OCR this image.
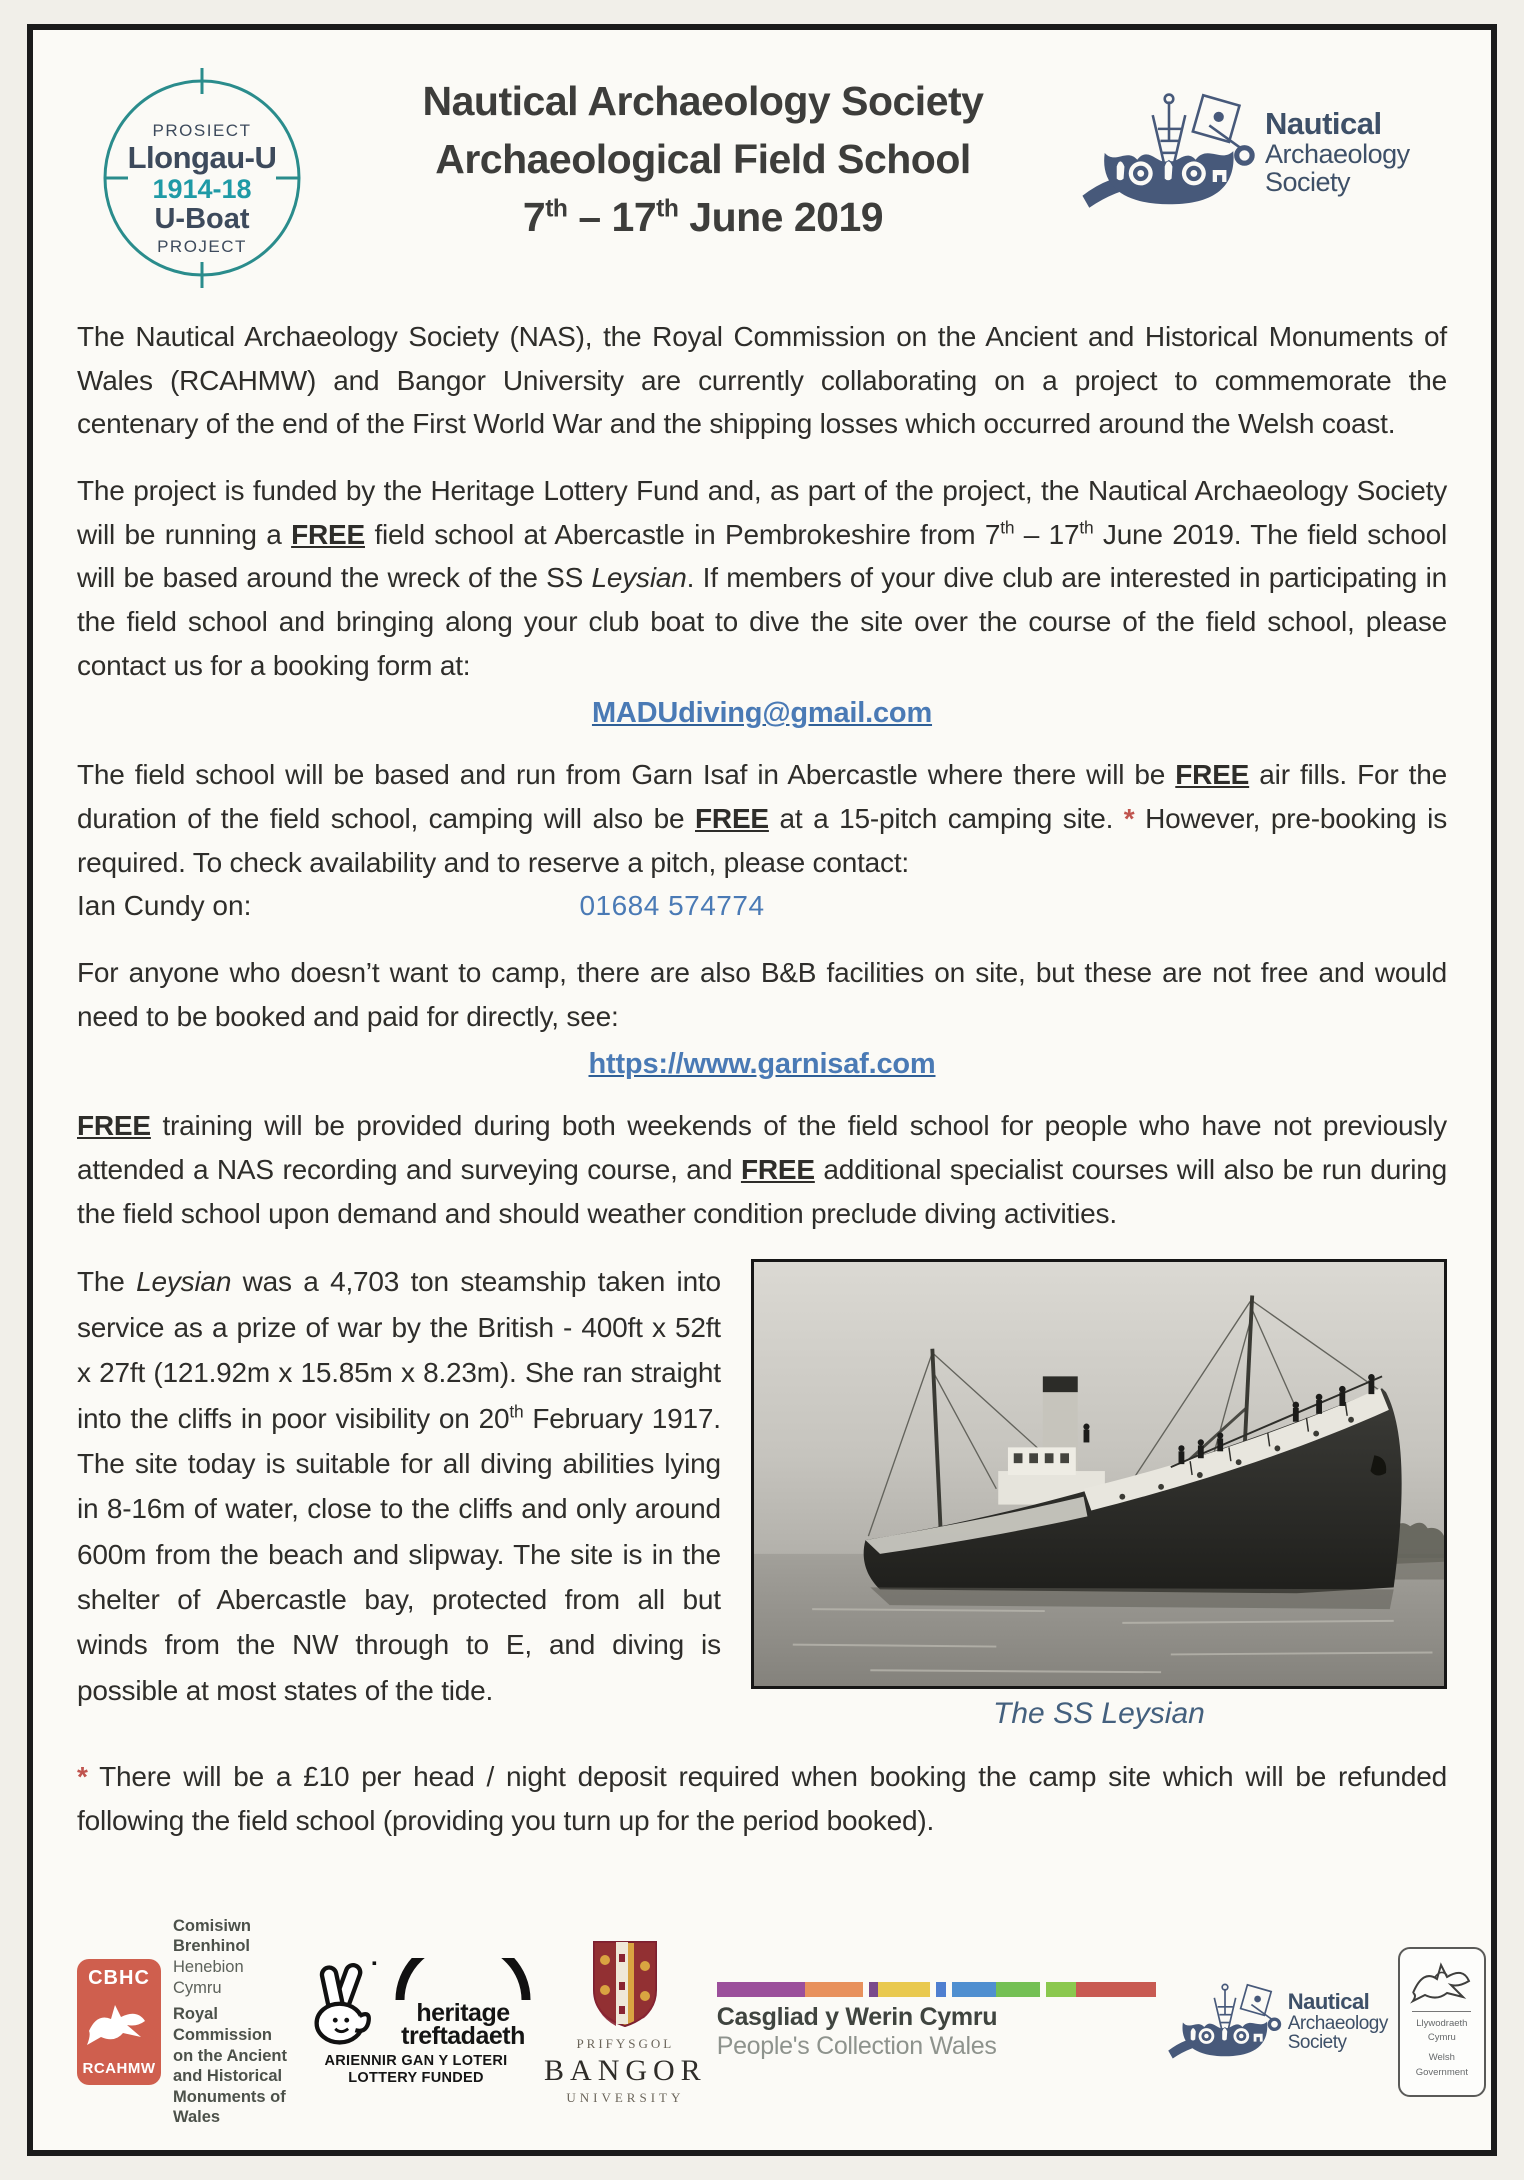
PROSIECT
Llongau-U
1914-18
U-Boat
PROJECT
Nautical Archaeology Society
Archaeological Field School
7th – 17th June 2019
Nautical
Archaeology
Society

The Nautical Archaeology Society (NAS), the Royal Commission on the Ancient and Historical Monuments of Wales (RCAHMW) and Bangor University are currently collaborating on a project to commemorate the centenary of the end of the First World War and the shipping losses which occurred around the Welsh coast.

The project is funded by the Heritage Lottery Fund and, as part of the project, the Nautical Archaeology Society will be running a FREE field school at Abercastle in Pembrokeshire from 7th – 17th June 2019. The field school will be based around the wreck of the SS Leysian. If members of your dive club are interested in participating in the field school and bringing along your club boat to dive the site over the course of the field school, please contact us for a booking form at:

MADUdiving@gmail.com

The field school will be based and run from Garn Isaf in Abercastle where there will be FREE air fills. For the duration of the field school, camping will also be FREE at a 15-pitch camping site. * However, pre-booking is required. To check availability and to reserve a pitch, please contact:

Ian Cundy on:	01684 574774

For anyone who doesn’t want to camp, there are also B&B facilities on site, but these are not free and would need to be booked and paid for directly, see:

https://www.garnisaf.com

FREE training will be provided during both weekends of the field school for people who have not previously attended a NAS recording and surveying course, and FREE additional specialist courses will also be run during the field school upon demand and should weather condition preclude diving activities.

The Leysian was a 4,703 ton steamship taken into service as a prize of war by the British - 400ft x 52ft x 27ft (121.92m x 15.85m x 8.23m). She ran straight into the cliffs in poor visibility on 20th February 1917. The site today is suitable for all diving abilities lying in 8-16m of water, close to the cliffs and only around 600m from the beach and slipway. The site is in the shelter of Abercastle bay, protected from all but winds from the NW through to E, and diving is possible at most states of the tide.

The SS Leysian

* There will be a £10 per head / night deposit required when booking the camp site which will be refunded following the field school (providing you turn up for the period booked).

CBHC
RCAHMW
Comisiwn Brenhinol
Henebion Cymru
Royal Commission on the Ancient
and Historical Monuments of Wales
heritage
treftadaeth
ARIENNIR GAN Y LOTERI
LOTTERY FUNDED
PRIFYSGOL
BANGOR
UNIVERSITY
Casgliad y Werin Cymru
People's Collection Wales
Nautical
Archaeology
Society
Llywodraeth Cymru
Welsh Government
